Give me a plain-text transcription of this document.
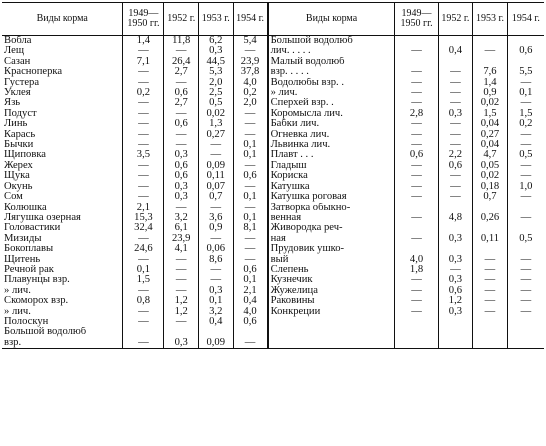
Виды корма	1949—1950 гг.	1952 г.	1953 г.	1954 г.	Виды корма	1949—1950 гг.	1952 г.	1953 г.	1954 г.
Вобла	1,4	11,8	6,2	5,4	Большой водолюб				
Лещ	—	—	0,3	—	лич. . . . .	—	0,4	—	0,6
Сазан	7,1	26,4	44,5	23,9	Малый водолюб				
Красноперка	—	2,7	5,3	37,8	взр. . . . .	—	—	7,6	5,5
Густера	—	—	2,0	4,0	Водолюбы взр. .	—	—	1,4	—
Уклея	0,2	0,6	2,5	0,2	» лич.	—	—	0,9	0,1
Язь	—	2,7	0,5	2,0	Сперхей взр. .	—	—	0,02	—
Подуст	—	—	0,02	—	Коромысла лич.	2,8	0,3	1,5	1,5
Линь	—	0,6	1,3	—	Бабки лич.	—	—	0,04	0,2
Карась	—	—	0,27	—	Огневка лич.	—	—	0,27	—
Бычки	—	—	—	0,1	Львинка лич.	—	—	0,04	—
Щиповка	3,5	0,3	—	0,1	Плавт . . .	0,6	2,2	4,7	0,5
Жерех	—	0,6	0,09	—	Гладыш	—	0,6	0,05	—
Щука	—	0,6	0,11	0,6	Кориска	—	—	0,02	—
Окунь	—	0,3	0,07	—	Катушка	—	—	0,18	1,0
Сом	—	0,3	0,7	0,1	Катушка роговая	—	—	0,7	—
Колюшка	2,1	—	—	—	Затворка обыкно-				
Лягушка озерная	15,3	3,2	3,6	0,1	венная	—	4,8	0,26	—
Головастики	32,4	6,1	0,9	8,1	Живородка реч-				
Мизиды	—	23,9	—	—	ная	—	0,3	0,11	0,5
Бокоплавы	24,6	4,1	0,06	—	Прудовик ушко-				
Щитень	—	—	8,6	—	вый	4,0	0,3	—	—
Речной рак	0,1	—	—	0,6	Слепень	1,8	—	—	—
Плавунцы взр.	1,5	—	—	0,1	Кузнечик	—	0,3	—	—
» лич.	—	—	0,3	2,1	Жужелица	—	0,6	—	—
Скоморох взр.	0,8	1,2	0,1	0,4	Раковины	—	1,2	—	—
» лич.	—	1,2	3,2	4,0	Конкреции	—	0,3	—	—
Полоскун	—	—	0,4	0,6					
Большой водолюб									
взр.	—	0,3	0,09	—					
